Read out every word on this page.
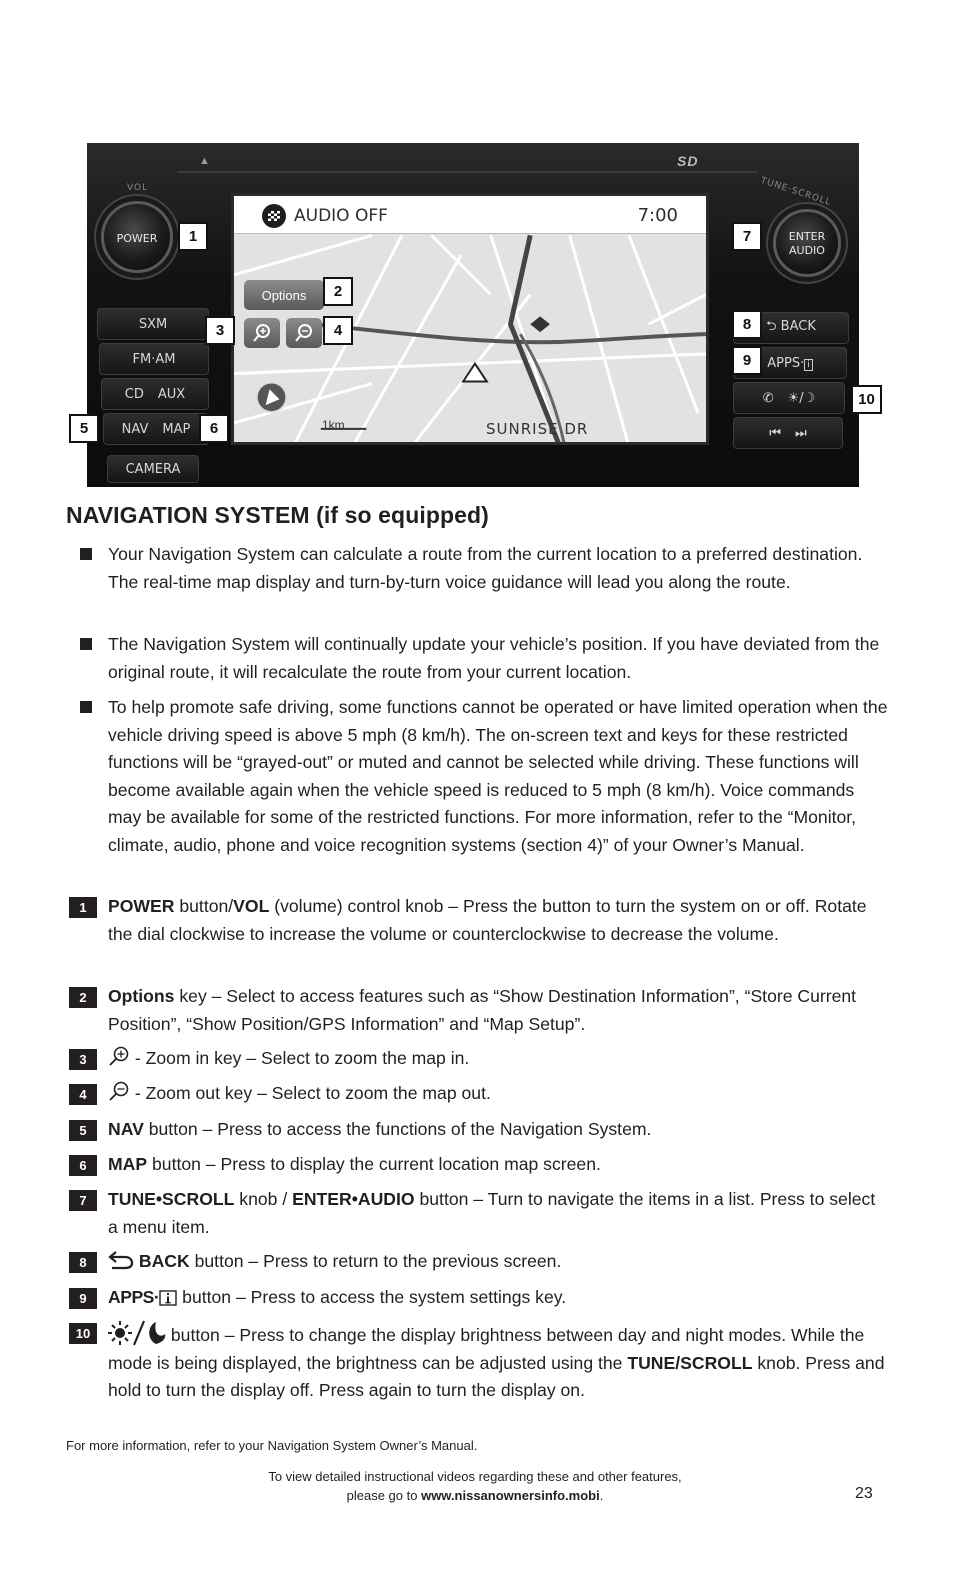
▲	SD
VOL
POWER
TUNE·SCROLL
ENTER
AUDIO
SXM
FM·AM
CD AUX
NAV MAP
CAMERA
⮌ BACK
APPS· i
✆ ☀/☽
⏮ ⏭
AUDIO OFF	7:00
Options
1km	SUNRISE DR
1
2
3	4
5	6
7
8
9
10
NAVIGATION SYSTEM (if so equipped)
Your Navigation System can calculate a route from the current location to a preferred destination. The real-time map display and turn-by-turn voice guidance will lead you along the route.
The Navigation System will continually update your vehicle’s position. If you have deviated from the original route, it will recalculate the route from your current location.
To help promote safe driving, some functions cannot be operated or have limited operation when the vehicle driving speed is above 5 mph (8 km/h). The on-screen text and keys for these restricted functions will be “grayed-out” or muted and cannot be selected while driving. These functions will become available again when the vehicle speed is reduced to 5 mph (8 km/h). Voice commands may be available for some of the restricted functions. For more information, refer to the “Monitor, climate, audio, phone and voice recognition systems (section 4)” of your Owner’s Manual.
1	POWER button/VOL (volume) control knob – Press the button to turn the system on or off. Rotate the dial clockwise to increase the volume or counterclockwise to decrease the volume.
2	Options key – Select to access features such as “Show Destination Information”, “Store Current Position”, “Show Position/GPS Information” and “Map Setup”.
3	- Zoom in key – Select to zoom the map in.
4	- Zoom out key – Select to zoom the map out.
5	NAV button – Press to access the functions of the Navigation System.
6	MAP button – Press to display the current location map screen.
7	TUNE•SCROLL knob / ENTER•AUDIO button – Turn to navigate the items in a list. Press to select a menu item.
8	BACK button – Press to return to the previous screen.
9	APPS· button – Press to access the system settings key.
10	button – Press to change the display brightness between day and night modes. While the mode is being displayed, the brightness can be adjusted using the TUNE/SCROLL knob. Press and hold to turn the display off. Press again to turn the display on.
For more information, refer to your Navigation System Owner’s Manual.
To view detailed instructional videos regarding these and other features,
please go to www.nissanownersinfo.mobi.	23
